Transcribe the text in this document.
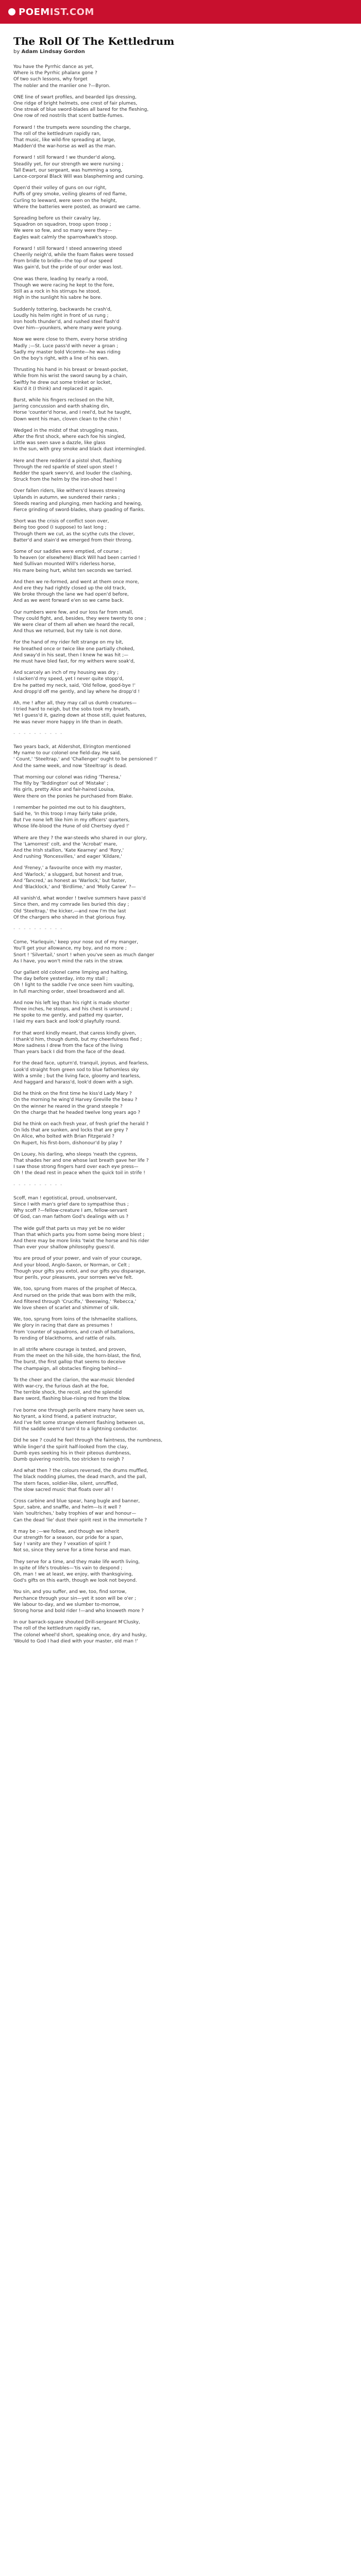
POEM IST.COM
The Roll Of The Kettledrum
by Adam Lindsay Gordon
You have the Pyrrhic dance as yet,
Where is the Pyrrhic phalanx gone ?
Of two such lessons, why forget
The nobler and the manlier one ?—Byron.
ONE line of swart profiles, and bearded lips dressing,
One ridge of bright helmets, one crest of fair plumes,
One streak of blue sword-blades all bared for the fleshing,
One row of red nostrils that scent battle-fumes.
Forward ! the trumpets were sounding the charge,
The roll of the kettledrum rapidly ran,
That music, like wild-fire spreading at large,
Madden'd the war-horse as well as the man.
Forward ! still forward ! we thunder'd along,
Steadily yet, for our strength we were nursing ;
Tall Ewart, our sergeant, was humming a song,
Lance-corporal Black Will was blaspheming and cursing.
Open'd their volley of guns on our right,
Puffs of grey smoke, veiling gleams of red flame,
Curling to leeward, were seen on the height,
Where the batteries were posted, as onward we came.
Spreading before us their cavalry lay,
Squadron on squadron, troop upon troop ;
We were so few, and so many were they—
Eagles wait calmly the sparrowhawk's stoop.
Forward ! still forward ! steed answering steed
Cheerily neigh'd, while the foam flakes were tossed
From bridle to bridle—the top of our speed
Was gain'd, but the pride of our order was lost.
One was there, leading by nearly a rood,
Though we were racing he kept to the fore,
Still as a rock in his stirrups he stood,
High in the sunlight his sabre he bore.
Suddenly tottering, backwards he crash'd,
Loudly his helm right in front of us rung ;
Iron hoofs thunder'd, and rushed steel flash'd
Over him—younkers, where many were young.
Now we were close to them, every horse striding
Madly ;—St. Luce pass'd with never a groan ;
Sadly my master bold Vicomte—he was riding
On the boy's right, with a line of his own.
Thrusting his hand in his breast or breast-pocket,
While from his wrist the sword swung by a chain,
Swiftly he drew out some trinket or locket,
Kiss'd it (I think) and replaced it again.
Burst, while his fingers reclosed on the hilt,
Jarring concussion and earth shaking din,
Horse 'counter'd horse, and I reel'd, but he taught,
Down went his man, cloven clean to the chin !
Wedged in the midst of that struggling mass,
After the first shock, where each foe his singled,
Little was seen save a dazzle, like glass
In the sun, with grey smoke and black dust intermingled.
Here and there redden'd a pistol shot, flashing
Through the red sparkle of steel upon steel !
Redder the spark swerv'd, and louder the clashing,
Struck from the helm by the iron-shod heel !
Over fallen riders, like withers'd leaves strewing
Uplands in autumn, we sundered their ranks ;
Steeds rearing and plunging, men hacking and hewing,
Fierce grinding of sword-blades, sharp goading of flanks.
Short was the crisis of conflict soon over,
Being too good (I suppose) to last long ;
Through them we cut, as the scythe cuts the clover,
Batter'd and stain'd we emerged from their throng.
Some of our saddles were emptied, of course ;
To heaven (or elsewhere) Black Will had been carried !
Ned Sullivan mounted Will's riderless horse,
His mare being hurt, whilst ten seconds we tarried.
And then we re-formed, and went at them once more,
And ere they had rightly closed up the old track,
We broke through the lane we had open'd before,
And as we went forward e'en so we came back.
Our numbers were few, and our loss far from small,
They could fight, and, besides, they were twenty to one ;
We were clear of them all when we heard the recall,
And thus we returned, but my tale is not done.
For the hand of my rider felt strange on my bit,
He breathed once or twice like one partially choked,
And sway'd in his seat, then I knew he was hit ;—
He must have bled fast, for my withers were soak'd,
And scarcely an inch of my housing was dry ;
I slacken'd my speed, yet I never quite stopp'd,
Ere he patted my neck, said, 'Old fellow, good-bye !'
And dropp'd off me gently, and lay where he dropp'd !
Ah, me ! after all, they may call us dumb creatures—
I tried hard to neigh, but the sobs took my breath,
Yet I guess'd it, gazing down at those still, quiet features,
He was never more happy in life than in death.
- - - - - - - - - -
Two years back, at Aldershot, Elrington mentioned
My name to our colonel one field-day. He said,
' Count,' 'Steeltrap,' and 'Challenger' ought to be pensioned !'
And the same week, and now 'Steeltrap' is dead.
That morning our colonel was riding 'Theresa,'
The filly by 'Teddington' out of 'Mistake' ;
His girls, pretty Alice and fair-haired Louisa,
Were there on the ponies he purchased from Blake.
I remember he pointed me out to his daughters,
Said he, 'In this troop I may fairly take pride,
But I've none left like him in my officers' quarters,
Whose life-blood the Hune of old Chertsey dyed !'
Where are they ? the war-steeds who shared in our glory,
The 'Lamorrest' colt, and the 'Acrobat' mare,
And the Irish stallion, 'Kate Kearney' and 'Rory,'
And rushing 'Roncesvilles,' and eager 'Kildare,'
And 'Freney,' a favourite once with my master,
And 'Warlock,' a sluggard, but honest and true,
And 'Tancred,' as honest as 'Warlock,' but faster,
And 'Blacklock,' and 'Birdlime,' and 'Molly Carew' ?—
All vanish'd, what wonder ! twelve summers have pass'd
Since then, and my comrade lies buried this day ;
Old 'Steeltrap,' the kicker,—and now I'm the last
Of the chargers who shared in that glorious fray.
- - - - - - - - - -
Come, 'Harlequin,' keep your nose out of my manger,
You'll get your allowance, my boy, and no more ;
Snort ! 'Silvertail,' snort ! when you've seen as much danger
As I have, you won't mind the rats in the straw.
Our gallant old colonel came limping and halting,
The day before yesterday, into my stall ;
Oh ! light to the saddle I've once seen him vaulting,
In full marching order, steel broadsword and all.
And now his left leg than his right is made shorter
Three inches, he stoops, and his chest is unsound ;
He spoke to me gently, and patted my quarter,
I laid my ears back and look'd playfully round.
For that word kindly meant, that caress kindly given,
I thank'd him, though dumb, but my cheerfulness fled ;
More sadness I drew from the face of the living
Than years back I did from the face of the dead.
For the dead face, upturn'd, tranquil, joyous, and fearless,
Look'd straight from green sod to blue fathomless sky
With a smile ; but the living face, gloomy and tearless,
And haggard and harass'd, look'd down with a sigh.
Did he think on the first time he kiss'd Lady Mary ?
On the morning he wing'd Harvey Greville the beau ?
On the winner he reared in the grand steeple ?
On the charge that he headed twelve long years ago ?
Did he think on each fresh year, of fresh grief the herald ?
On lids that are sunken, and locks that are grey ?
On Alice, who bolted with Brian Fitzgerald ?
On Rupert, his first-born, dishonour'd by play ?
On Louey, his darling, who sleeps 'neath the cypress,
That shades her and one whose last breath gave her life ?
I saw those strong fingers hard over each eye press—
Oh ! the dead rest in peace when the quick toil in strife !
- - - - - - - - - -
Scoff, man ! egotistical, proud, unobservant,
Since I with man's grief dare to sympathise thus ;
Why scoff ?—fellow-creature I am, fellow-servant
Of God, can man fathom God's dealings with us ?
The wide gulf that parts us may yet be no wider
Than that which parts you from some being more blest ;
And there may be more links 'twixt the horse and his rider
Than ever your shallow philosophy guess'd.
You are proud of your power, and vain of your courage,
And your blood, Anglo-Saxon, or Norman, or Celt ;
Though your gifts you extol, and our gifts you disparage,
Your perils, your pleasures, your sorrows we've felt.
We, too, sprung from mares of the prophet of Mecca,
And nursed on the pride that was born with the milk,
And filtered through 'Crucifix,' 'Beeswing,' 'Rebecca,'
We love sheen of scarlet and shimmer of silk.
We, too, sprung from loins of the Ishmaelite stallions,
We glory in racing that dare as presumes !
From 'counter of squadrons, and crash of battalions,
To rending of blackthorns, and rattle of rails.
In all strife where courage is tested, and proven,
From the meet on the hill-side, the horn-blast, the find,
The burst, the first gallop that seems to deceive
The champaign, all obstacles flinging behind—
To the cheer and the clarion, the war-music blended
With war-cry, the furious dash at the foe,
The terrible shock, the recoil, and the splendid
Bare sword, flashing blue-rising red from the blow.
I've borne one through perils where many have seen us,
No tyrant, a kind friend, a patient instructor,
And I've felt some strange element flashing between us,
Till the saddle seem'd turn'd to a lightning conductor.
Did he see ? could he feel through the faintness, the numbness,
While linger'd the spirit half-looked from the clay,
Dumb eyes seeking his in their piteous dumbness,
Dumb quivering nostrils, too stricken to neigh ?
And what then ? the colours reversed, the drums muffled,
The black nodding plumes, the dead march, and the pall,
The stern faces, soldier-like, silent, unruffled,
The slow sacred music that floats over all !
Cross carbine and blue spear, hang bugle and banner,
Spur, sabre, and snaffle, and helm—Is it well ?
Vain 'soultriches,' baby trophies of war and honour—
Can the dead 'lie' dust their spirit rest in the immortelle ?
It may be ;—we follow, and though we inherit
Our strength for a season, our pride for a span,
Say ! vanity are they ? vexation of spirit ?
Not so, since they serve for a time horse and man.
They serve for a time, and they make life worth living,
In spite of life's troubles—'tis vain to despond ;
Oh, man ! we at least, we enjoy, with thanksgiving,
God's gifts on this earth, though we look not beyond.
You sin, and you suffer, and we, too, find sorrow,
Perchance through your sin—yet it soon will be o'er ;
We labour to-day, and we slumber to-morrow,
Strong horse and bold rider !—and who knoweth more ?
In our barrack-square shouted Drill-sergeant M'Clusky,
The roll of the kettledrum rapidly ran,
The colonel wheel'd short, speaking once, dry and husky,
'Would to God I had died with your master, old man !'
